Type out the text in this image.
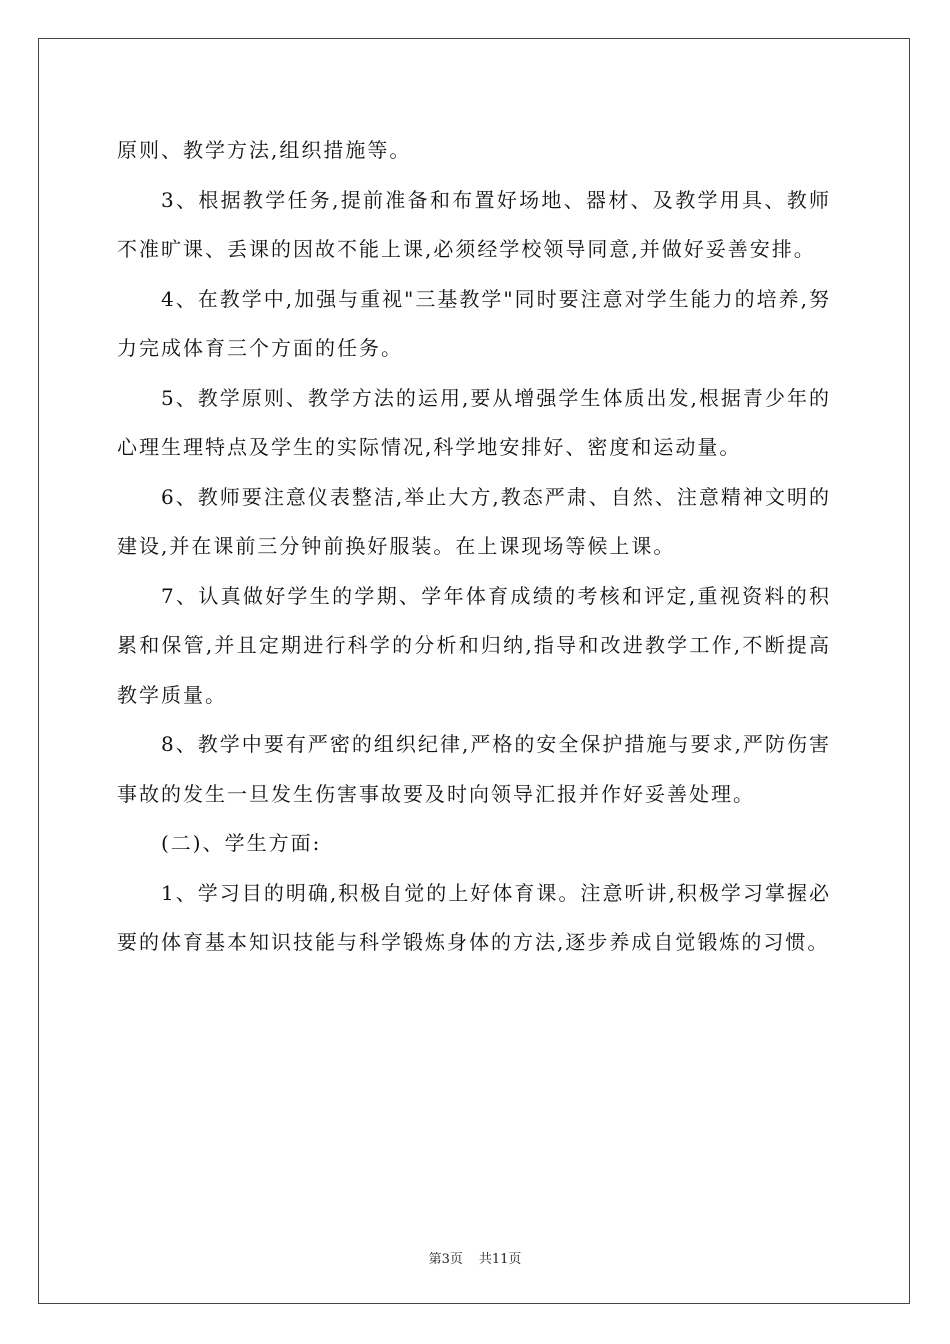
原则、教学方法,组织措施等。

3、根据教学任务,提前准备和布置好场地、器材、及教学用具、教师不准旷课、丢课的因故不能上课,必须经学校领导同意,并做好妥善安排。

4、在教学中,加强与重视"三基教学"同时要注意对学生能力的培养,努力完成体育三个方面的任务。

5、教学原则、教学方法的运用,要从增强学生体质出发,根据青少年的心理生理特点及学生的实际情况,科学地安排好、密度和运动量。

6、教师要注意仪表整洁,举止大方,教态严肃、自然、注意精神文明的建设,并在课前三分钟前换好服装。在上课现场等候上课。

7、认真做好学生的学期、学年体育成绩的考核和评定,重视资料的积累和保管,并且定期进行科学的分析和归纳,指导和改进教学工作,不断提高教学质量。

8、教学中要有严密的组织纪律,严格的安全保护措施与要求,严防伤害事故的发生一旦发生伤害事故要及时向领导汇报并作好妥善处理。

(二)、学生方面:

1、学习目的明确,积极自觉的上好体育课。注意听讲,积极学习掌握必要的体育基本知识技能与科学锻炼身体的方法,逐步养成自觉锻炼的习惯。

第3页 共11页
